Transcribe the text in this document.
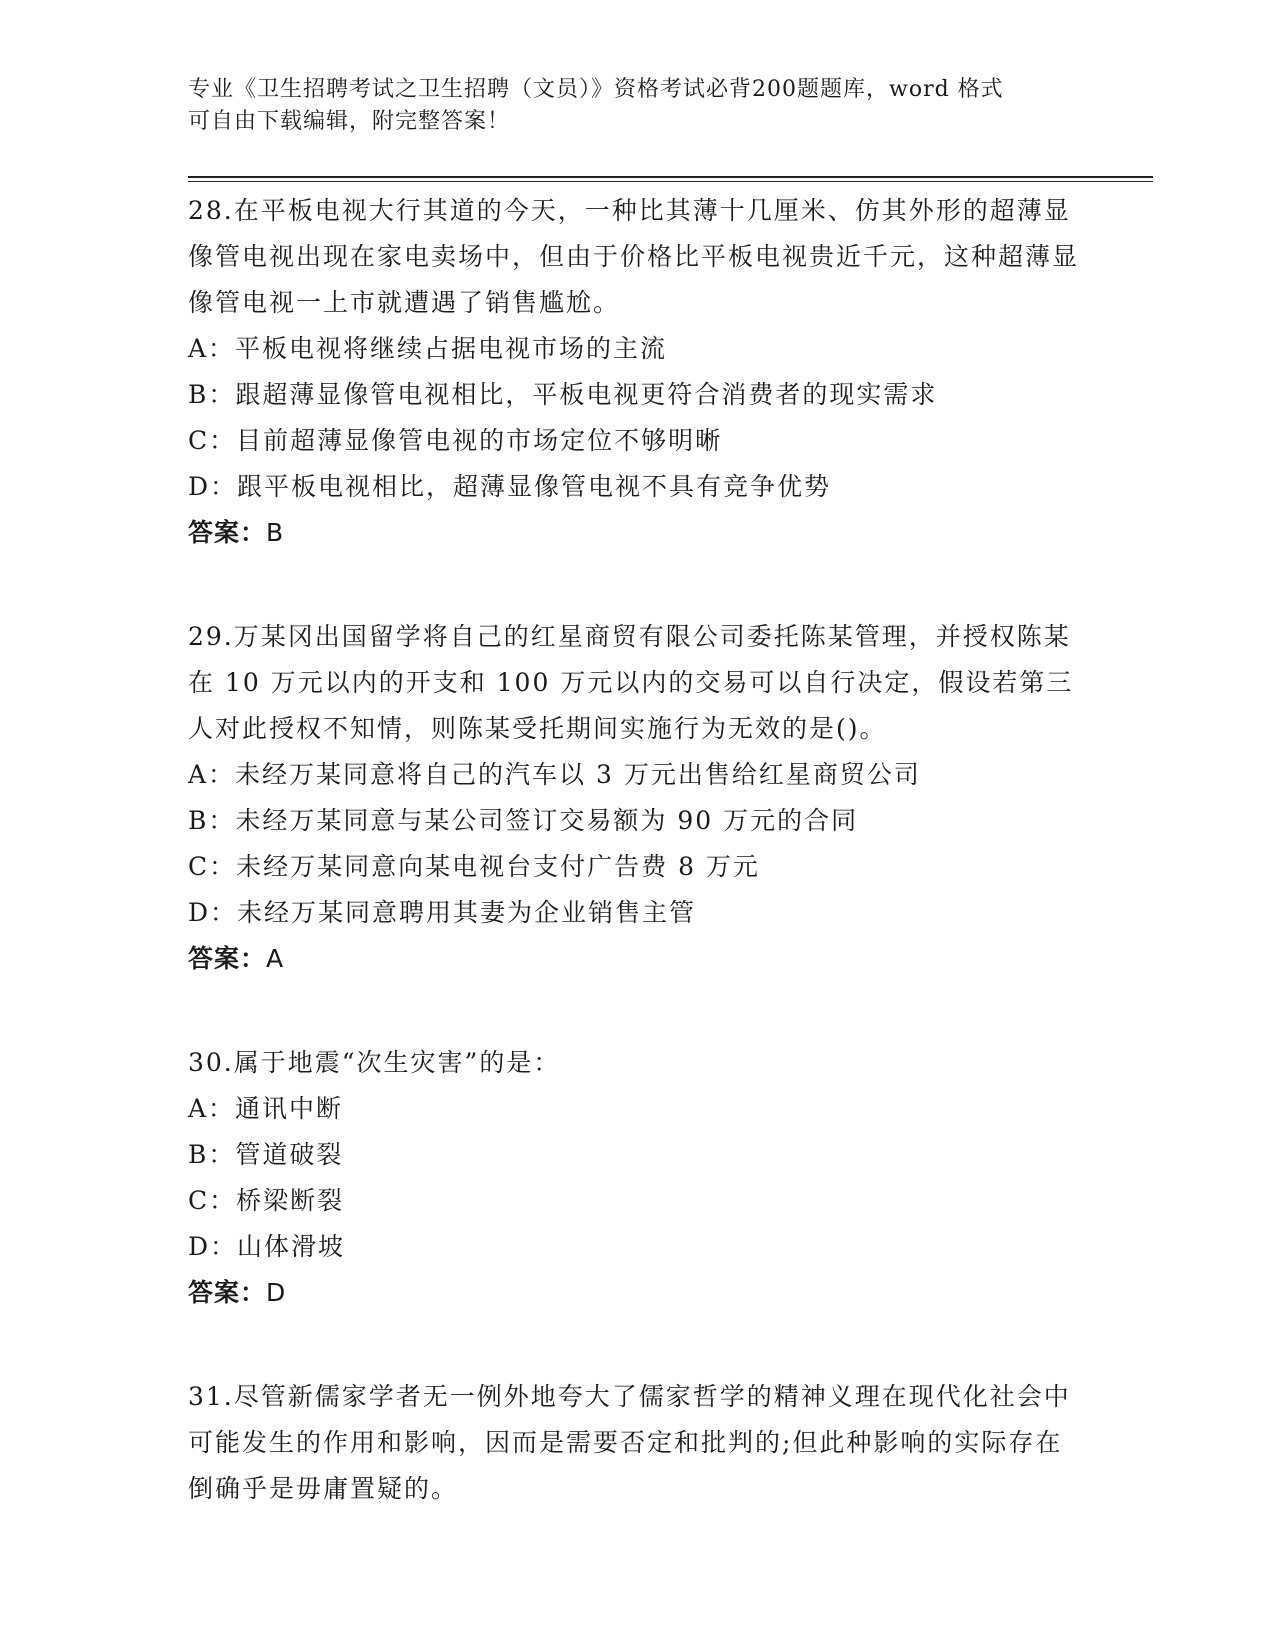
专业《卫生招聘考试之卫生招聘（文员）》资格考试必背200题题库，word 格式
可自由下载编辑，附完整答案！

28.在平板电视大行其道的今天，一种比其薄十几厘米、仿其外形的超薄显像管电视出现在家电卖场中，但由于价格比平板电视贵近千元，这种超薄显像管电视一上市就遭遇了销售尴尬。

A：平板电视将继续占据电视市场的主流

B：跟超薄显像管电视相比，平板电视更符合消费者的现实需求

C：目前超薄显像管电视的市场定位不够明晰

D：跟平板电视相比，超薄显像管电视不具有竞争优势

答案：B

29.万某冈出国留学将自己的红星商贸有限公司委托陈某管理，并授权陈某在 10 万元以内的开支和 100 万元以内的交易可以自行决定，假设若第三人对此授权不知情，则陈某受托期间实施行为无效的是()。

A：未经万某同意将自己的汽车以 3 万元出售给红星商贸公司

B：未经万某同意与某公司签订交易额为 90 万元的合同

C：未经万某同意向某电视台支付广告费 8 万元

D：未经万某同意聘用其妻为企业销售主管

答案：A

30.属于地震“次生灾害”的是：

A：通讯中断

B：管道破裂

C：桥梁断裂

D：山体滑坡

答案：D

31.尽管新儒家学者无一例外地夸大了儒家哲学的精神义理在现代化社会中可能发生的作用和影响，因而是需要否定和批判的;但此种影响的实际存在倒确乎是毋庸置疑的。
